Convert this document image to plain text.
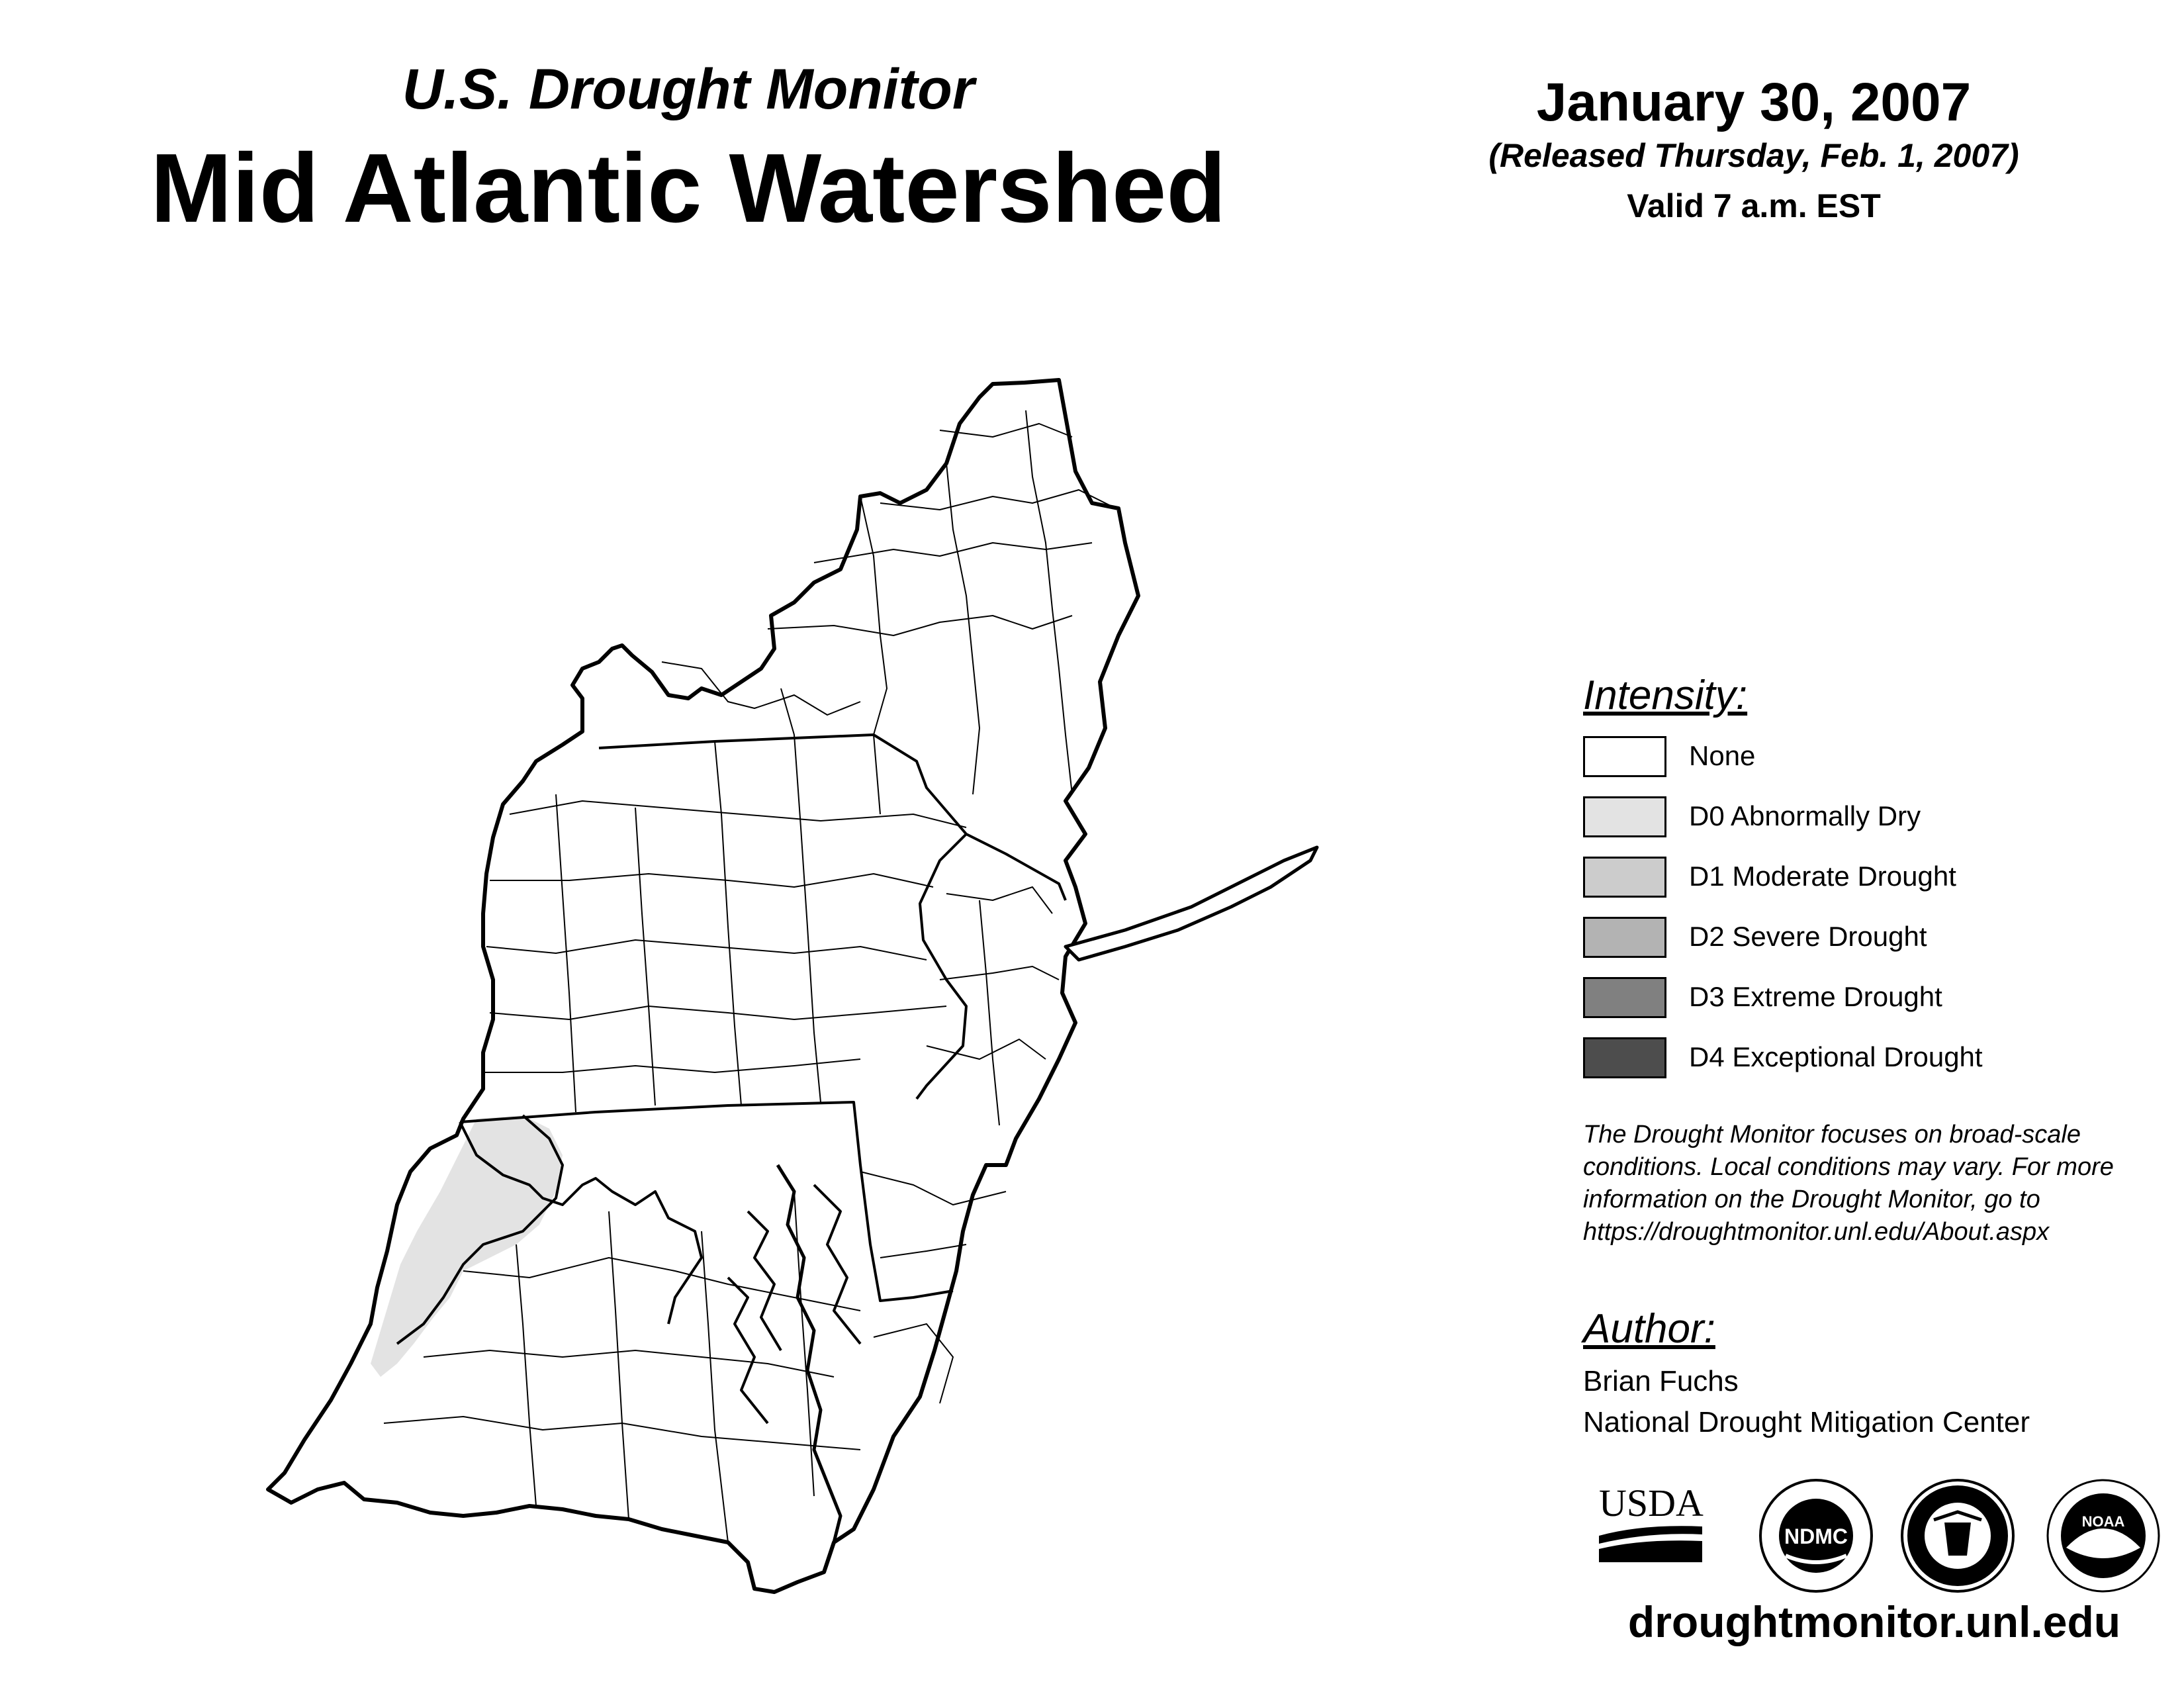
U.S. Drought Monitor
Mid Atlantic Watershed
January 30, 2007
(Released Thursday, Feb. 1, 2007)
Valid 7 a.m. EST
Intensity:
None
D0 Abnormally Dry
D1 Moderate Drought
D2 Severe Drought
D3 Extreme Drought
D4 Exceptional Drought
The Drought Monitor focuses on broad-scale conditions. Local conditions may vary. For more information on the Drought Monitor, go to https://droughtmonitor.unl.edu/About.aspx
Author:
Brian Fuchs
National Drought Mitigation Center
USDA
NDMC
NOAA
droughtmonitor.unl.edu
